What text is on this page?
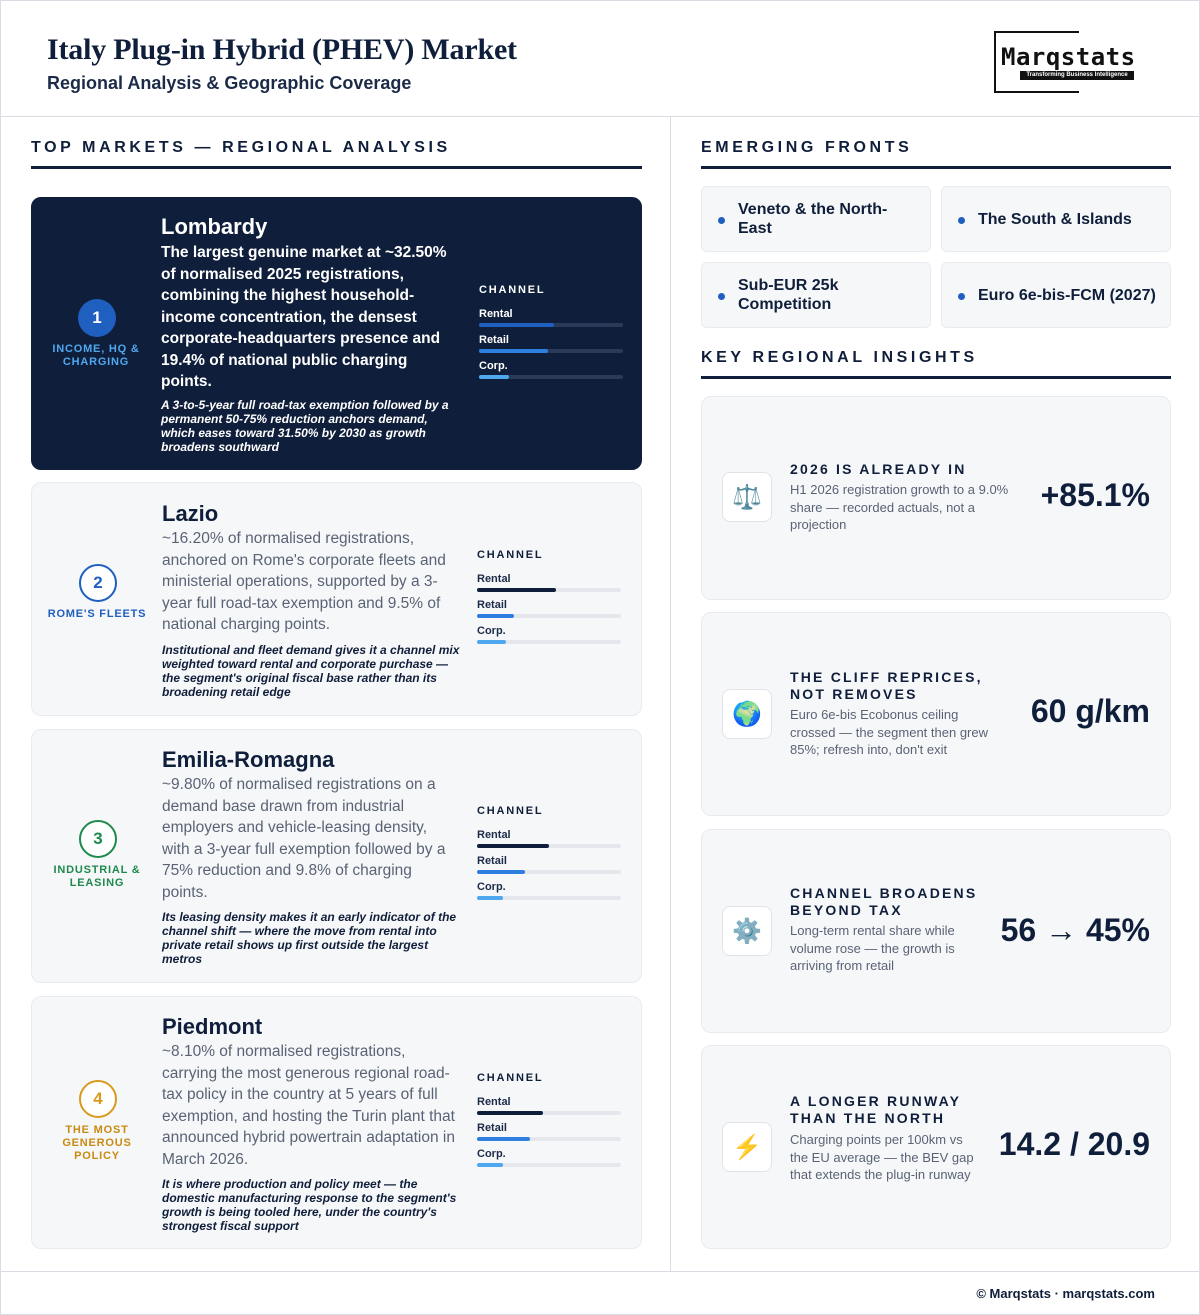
Italy Plug-in Hybrid (PHEV) Market
Regional Analysis & Geographic Coverage
Marqstats
Transforming Business Intelligence
TOP MARKETS — REGIONAL ANALYSIS
1
INCOME, HQ & CHARGING
Lombardy
The largest genuine market at ~32.50% of normalised 2025 registrations, combining the highest household-income concentration, the densest corporate-headquarters presence and 19.4% of national public charging points.
A 3-to-5-year full road-tax exemption followed by a permanent 50-75% reduction anchors demand, which eases toward 31.50% by 2030 as growth broadens southward
CHANNEL
Rental
Retail
Corp.
2
ROME'S FLEETS
Lazio
~16.20% of normalised registrations, anchored on Rome's corporate fleets and ministerial operations, supported by a 3-year full road-tax exemption and 9.5% of national charging points.
Institutional and fleet demand gives it a channel mix weighted toward rental and corporate purchase — the segment's original fiscal base rather than its broadening retail edge
CHANNEL
Rental
Retail
Corp.
3
INDUSTRIAL & LEASING
Emilia-Romagna
~9.80% of normalised registrations on a demand base drawn from industrial employers and vehicle-leasing density, with a 3-year full exemption followed by a 75% reduction and 9.8% of charging points.
Its leasing density makes it an early indicator of the channel shift — where the move from rental into private retail shows up first outside the largest metros
CHANNEL
Rental
Retail
Corp.
4
THE MOST GENEROUS POLICY
Piedmont
~8.10% of normalised registrations, carrying the most generous regional road-tax policy in the country at 5 years of full exemption, and hosting the Turin plant that announced hybrid powertrain adaptation in March 2026.
It is where production and policy meet — the domestic manufacturing response to the segment's growth is being tooled here, under the country's strongest fiscal support
CHANNEL
Rental
Retail
Corp.
EMERGING FRONTS
Veneto & the North-East
The South & Islands
Sub-EUR 25k Competition
Euro 6e-bis-FCM (2027)
KEY REGIONAL INSIGHTS
⚖️
2026 IS ALREADY IN
H1 2026 registration growth to a 9.0% share — recorded actuals, not a projection
+85.1%
🌍
THE CLIFF REPRICES, NOT REMOVES
Euro 6e-bis Ecobonus ceiling crossed — the segment then grew 85%; refresh into, don't exit
60 g/km
⚙️
CHANNEL BROADENS BEYOND TAX
Long-term rental share while volume rose — the growth is arriving from retail
56 → 45%
⚡
A LONGER RUNWAY THAN THE NORTH
Charging points per 100km vs the EU average — the BEV gap that extends the plug-in runway
14.2 / 20.9
© Marqstats · marqstats.com
